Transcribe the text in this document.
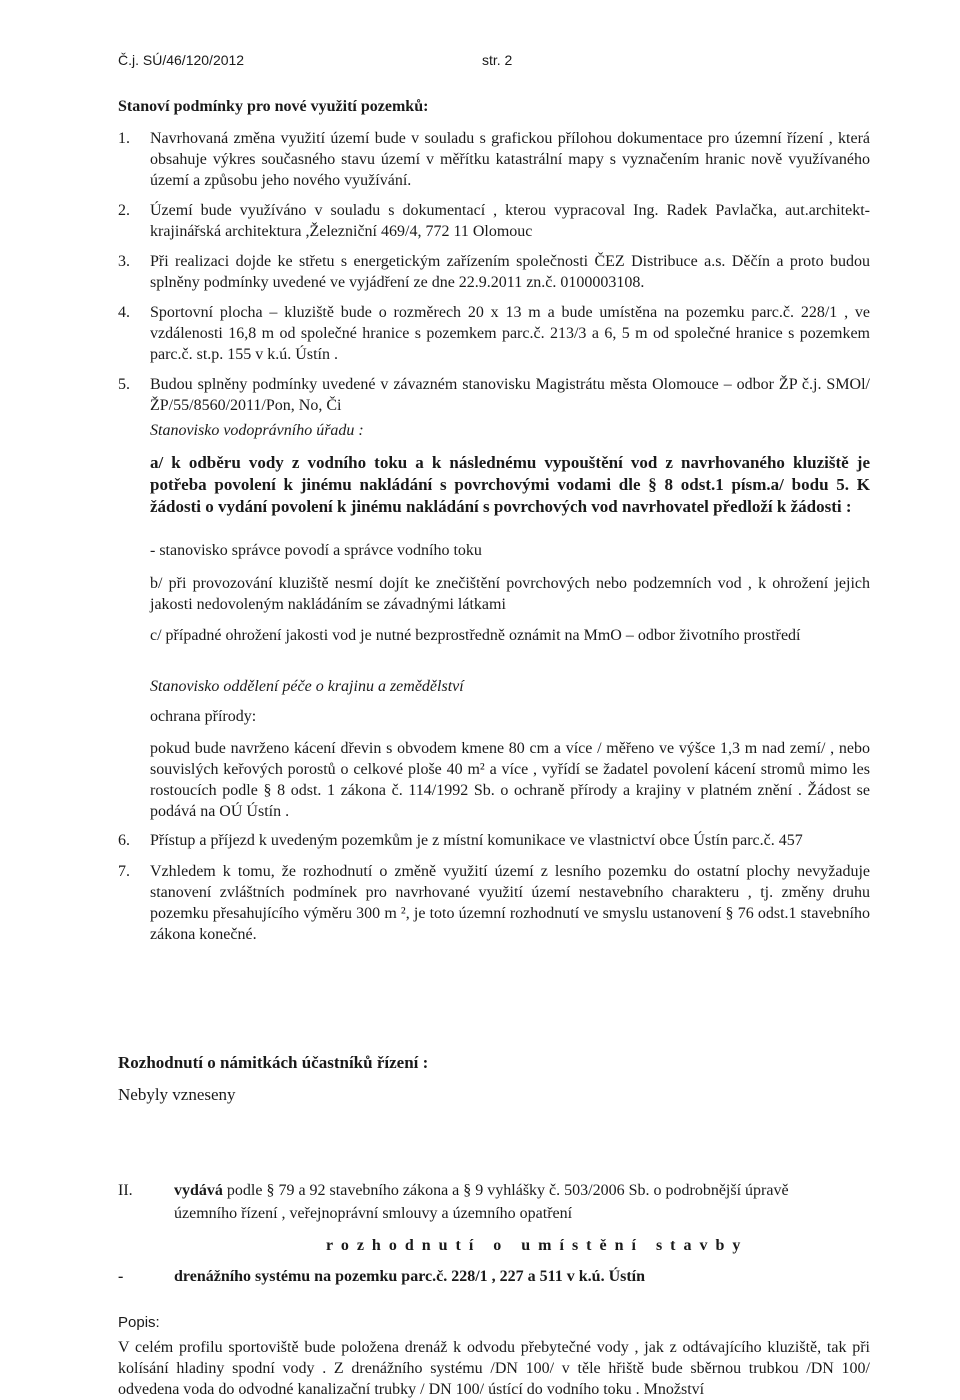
Č.j. SÚ/46/120/2012	str. 2
Stanoví podmínky pro nové využití pozemků:
1. Navrhovaná změna využití území bude v souladu s grafickou přílohou dokumentace pro územní řízení , která obsahuje výkres současného stavu území v měřítku katastrální mapy s vyznačením hranic nově využívaného území a způsobu jeho nového využívání.
2. Území bude využíváno v souladu s dokumentací , kterou vypracoval Ing. Radek Pavlačka, aut.architekt- krajinářská architektura ,Železniční 469/4, 772 11 Olomouc
3. Při realizaci dojde ke střetu s energetickým zařízením společnosti ČEZ Distribuce a.s. Děčín a proto budou splněny podmínky uvedené ve vyjádření ze dne 22.9.2011 zn.č. 0100003108.
4. Sportovní plocha – kluziště bude o rozměrech 20 x 13 m a bude umístěna na pozemku parc.č. 228/1 , ve vzdálenosti 16,8 m od společné hranice s pozemkem parc.č. 213/3 a 6, 5 m od společné hranice s pozemkem parc.č. st.p. 155 v k.ú. Ústín .
5. Budou splněny podmínky uvedené v závazném stanovisku Magistrátu města Olomouce – odbor ŽP č.j. SMOl/ŽP/55/8560/2011/Pon, No, Či
Stanovisko vodoprávního úřadu :
a/ k odběru vody z vodního toku a k následnému vypouštění vod z navrhovaného kluziště je potřeba povolení k jinému nakládání s povrchovými vodami dle § 8 odst.1 písm.a/ bodu 5. K žádosti o vydání povolení k jinému nakládání s povrchových vod navrhovatel předloží k žádosti :
- stanovisko správce povodí a správce vodního toku
b/ při provozování kluziště nesmí dojít ke znečištění povrchových nebo podzemních vod , k ohrožení jejich jakosti nedovoleným nakládáním se závadnými látkami
c/ případné ohrožení jakosti vod je nutné bezprostředně oznámit na MmO – odbor životního prostředí
Stanovisko oddělení péče o krajinu a zemědělství
ochrana přírody:
pokud bude navrženo kácení dřevin s obvodem kmene 80 cm a více / měřeno ve výšce 1,3 m nad zemí/ , nebo souvislých keřových porostů o celkové ploše 40 m² a více , vyřídí se žadatel povolení kácení stromů mimo les rostoucích podle § 8 odst. 1 zákona č. 114/1992 Sb. o ochraně přírody a krajiny v platném znění . Žádost se podává na OÚ Ústín .
6. Přístup a příjezd k uvedeným pozemkům je z místní komunikace ve vlastnictví obce Ústín parc.č. 457
7. Vzhledem k tomu, že rozhodnutí o změně využití území z lesního pozemku do ostatní plochy nevyžaduje stanovení zvláštních podmínek pro navrhované využití území nestavebního charakteru , tj. změny druhu pozemku přesahujícího výměru 300 m ², je toto územní rozhodnutí ve smyslu ustanovení § 76 odst.1 stavebního zákona konečné.
Rozhodnutí o námitkách účastníků řízení :
Nebyly vzneseny
II.	vydává podle § 79 a 92 stavebního zákona a § 9 vyhlášky č. 503/2006 Sb. o podrobnější úpravě
územního řízení , veřejnoprávní smlouvy a územního opatření
rozhodnutí o umístění stavby
-	drenážního systému na pozemku parc.č. 228/1 , 227 a 511 v k.ú. Ústín
Popis:
V celém profilu sportoviště bude položena drenáž k odvodu přebytečné vody , jak z odtávajícího kluziště, tak při kolísání hladiny spodní vody . Z drenážního systému /DN 100/ v těle hřiště bude sběrnou trubkou /DN 100/ odvedena voda do odvodné kanalizační trubky / DN 100/ ústící do vodního toku . Množství
